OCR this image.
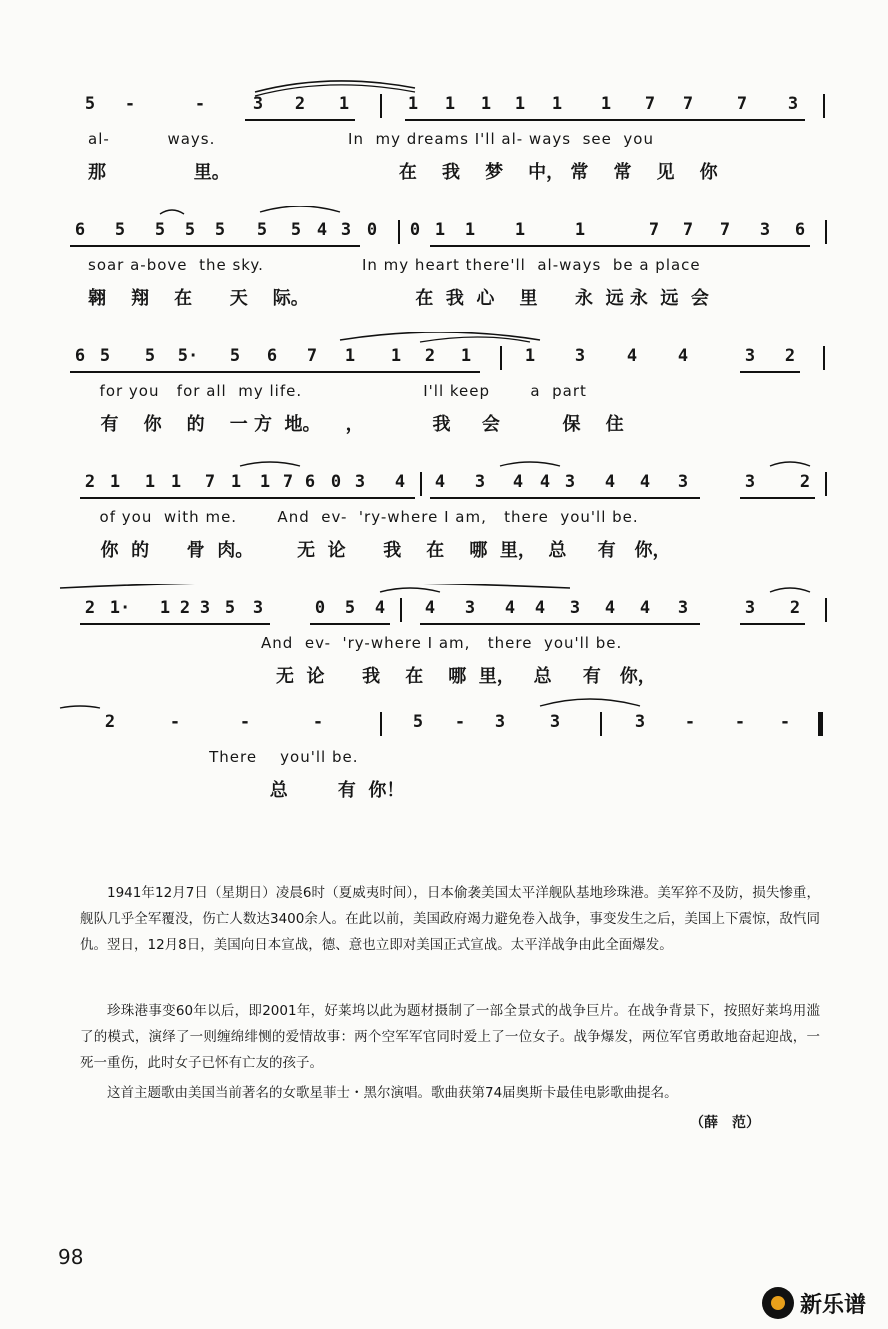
5 -	-	3 2 1	1 1 1 1 1 1 7 7	7 3
al-          ways.                       In  my dreams I'll al- ways  see  you
那              里。                           在    我    梦    中， 常    常    见    你
6 5 5 5 5 5 5 4 3 0 0 1 1 1	1	7 7 7 3 6
soar a-bove  the sky.                 In my heart there'll  al-ways  be a place
翱    翔    在      天    际。                 在  我  心    里      永  远 永  远  会
6 5 5 5· 5 6 7 1 1 2 1	1 3 4 4	3 2
for you   for all  my life.                     I'll keep       a  part
有    你    的    一 方  地。    ，           我     会          保    住
2 1 1 1 7 1 1 7 6 0 3 4 4 3 4 4 3 4 4 3	3	2
of you  with me.       And  ev-  'ry-where I am,   there  you'll be.
你  的      骨  肉。       无  论      我    在    哪  里，  总     有   你，
2 1· 1 2 3 5 3	0 5 4 4 3 4 4 3 4 4 3	3 2
And  ev-  'ry-where I am,   there  you'll be.
无  论      我    在    哪  里，   总     有   你，
2	-	-	-	5 - 3	3	3 - - -
There    you'll be.
总        有  你！
1941年12月7日（星期日）凌晨6时（夏威夷时间），日本偷袭美国太平洋舰队基地珍珠港。美军猝不及防，损失惨重，舰队几乎全军覆没，伤亡人数达3400余人。在此以前，美国政府竭力避免卷入战争，事变发生之后，美国上下震惊，敌忾同仇。翌日，12月8日，美国向日本宣战，德、意也立即对美国正式宣战。太平洋战争由此全面爆发。
珍珠港事变60年以后，即2001年，好莱坞以此为题材摄制了一部全景式的战争巨片。在战争背景下，按照好莱坞用滥了的模式，演绎了一则缠绵绯恻的爱情故事：两个空军军官同时爱上了一位女子。战争爆发，两位军官勇敢地奋起迎战，一死一重伤，此时女子已怀有亡友的孩子。
这首主题歌由美国当前著名的女歌星菲士・黑尔演唱。歌曲获第74届奥斯卡最佳电影歌曲提名。
（薛　范）
98
新乐谱
